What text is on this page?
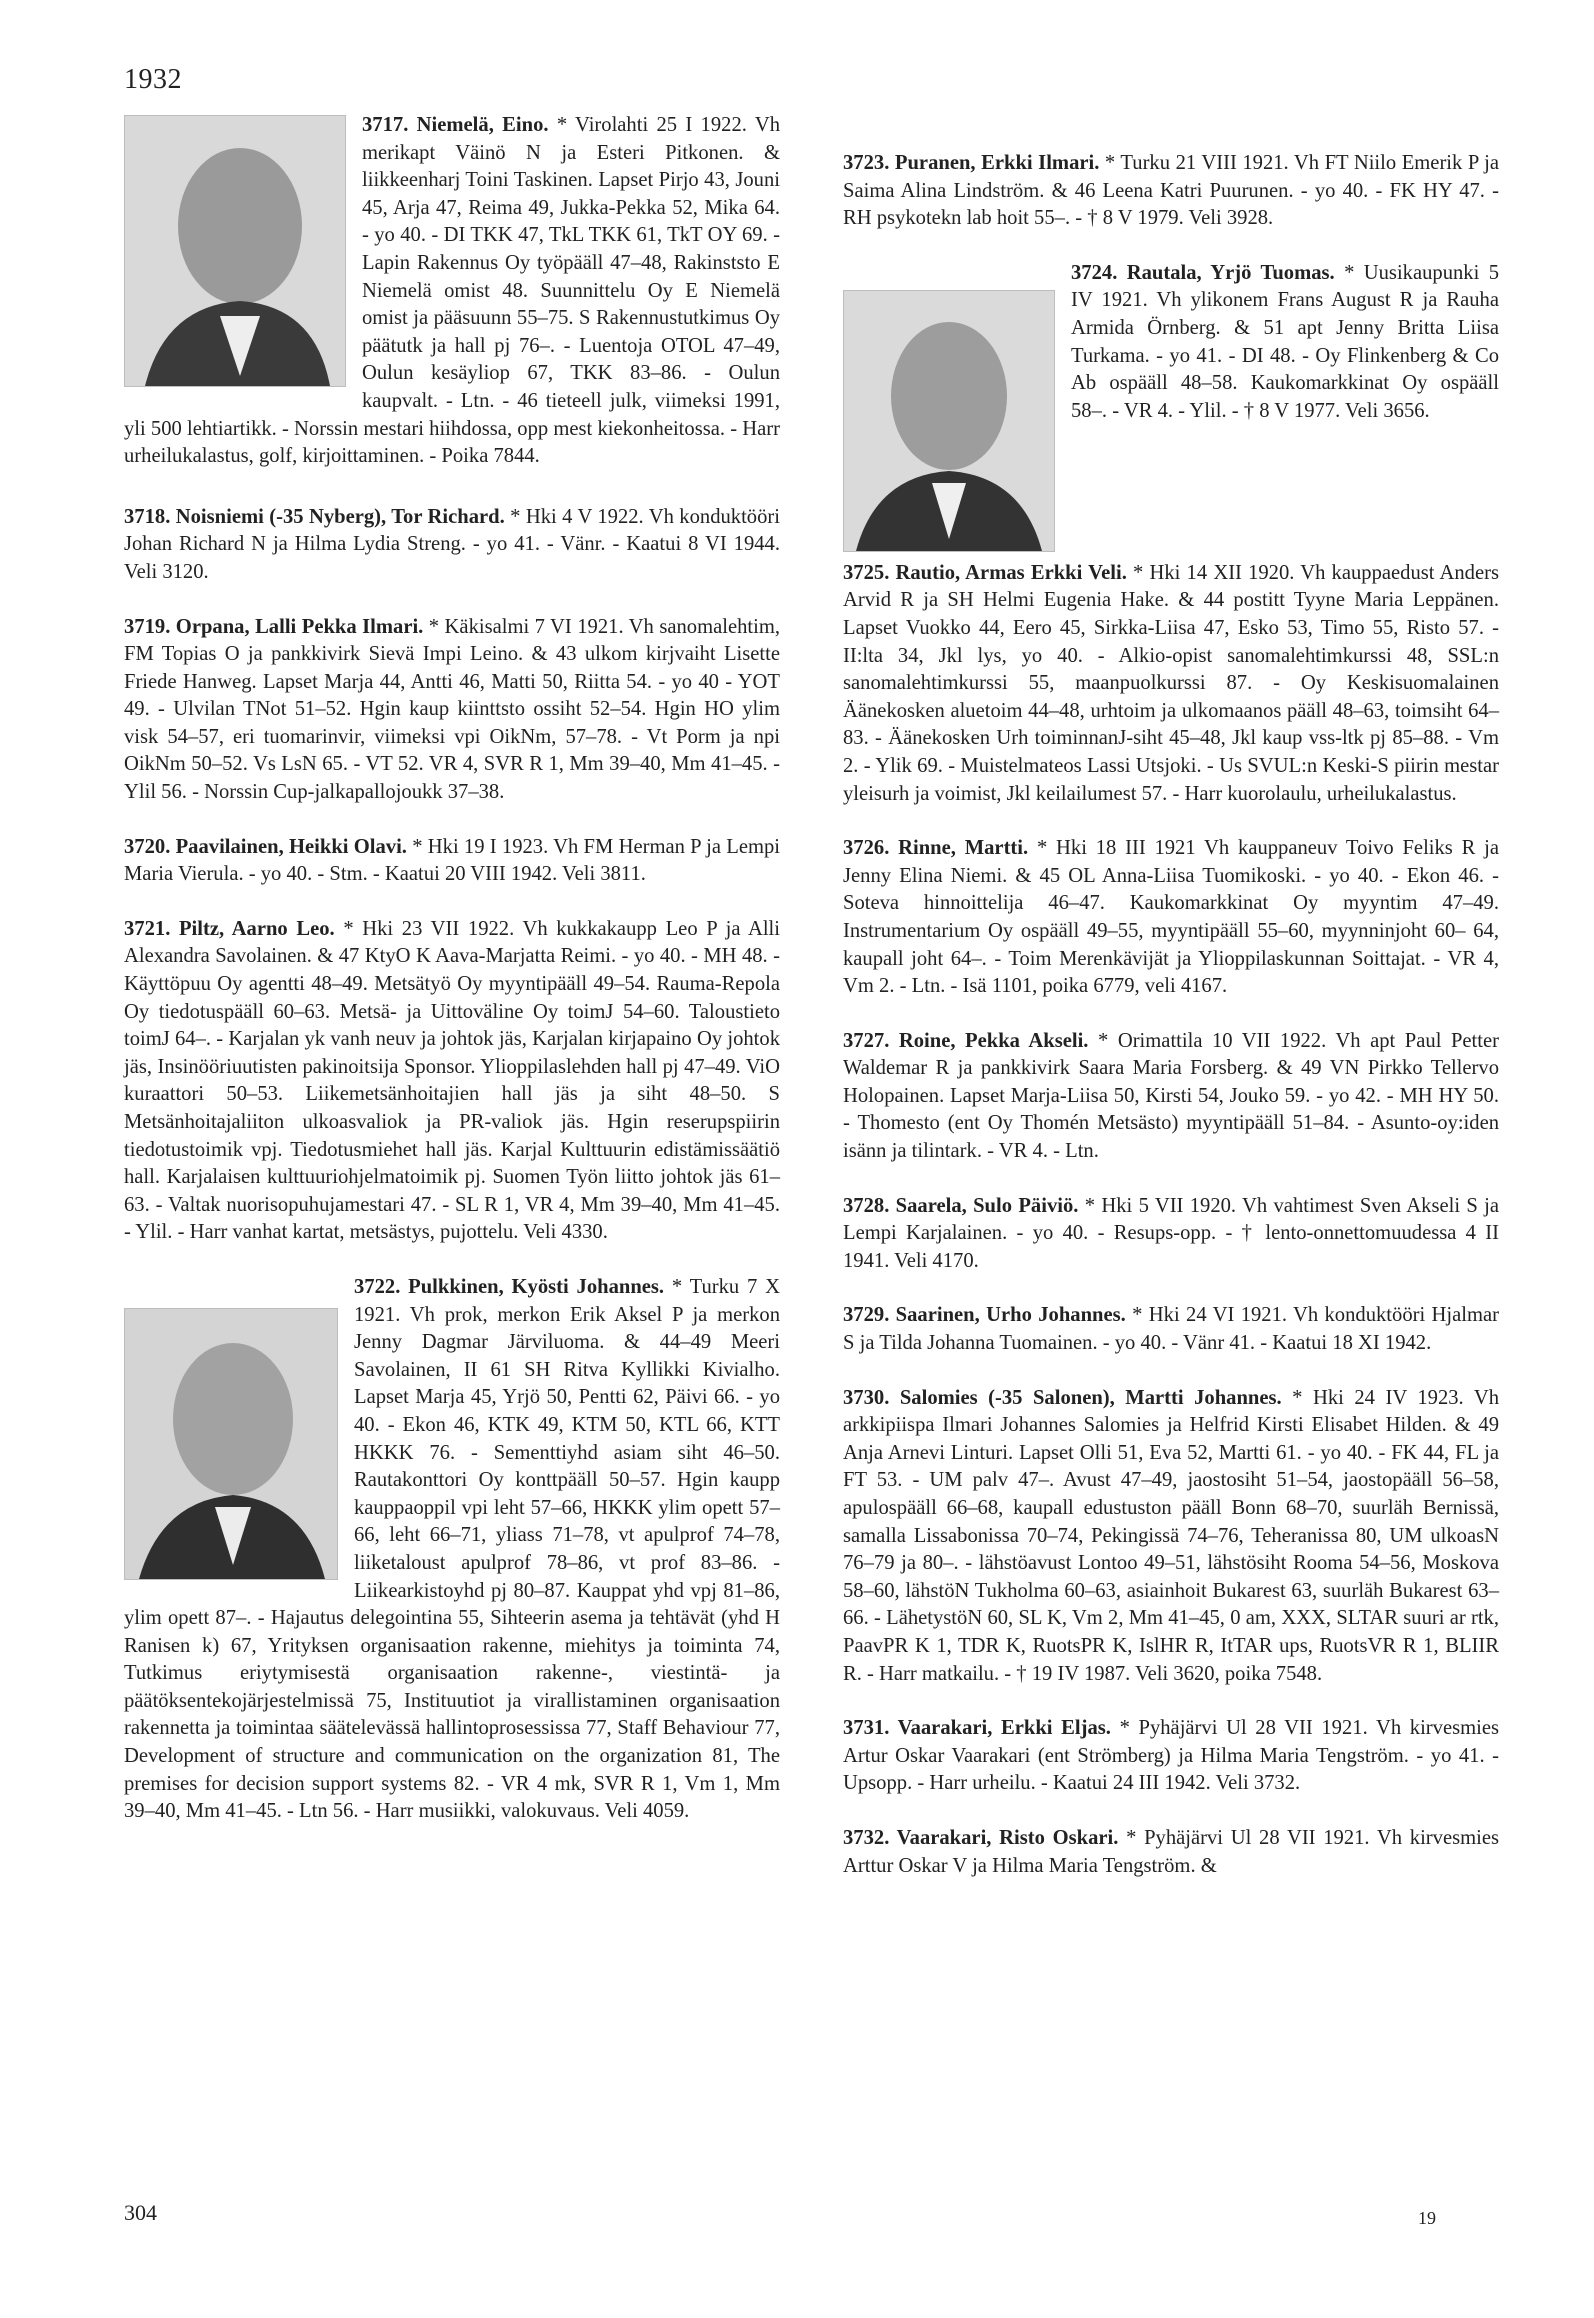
1932
3717. Niemelä, Eino. * Virolahti 25 I 1922. Vh merikapt Väinö N ja Esteri Pitkonen. & liikkeenharj Toini Taskinen. Lapset Pirjo 43, Jouni 45, Arja 47, Reima 49, Jukka-Pekka 52, Mika 64. - yo 40. - DI TKK 47, TkL TKK 61, TkT OY 69. - Lapin Rakennus Oy työpääll 47–48, Rakinststo E Niemelä omist 48. Suunnittelu Oy E Niemelä omist ja pääsuunn 55–75. S Rakennustutkimus Oy päätutk ja hall pj 76–. - Luentoja OTOL 47–49, Oulun kesäyliop 67, TKK 83–86. - Oulun kaupvalt. - Ltn. - 46 tieteell julk, viimeksi 1991, yli 500 lehtiartikk. - Norssin mestari hiihdossa, opp mest kiekonheitossa. - Harr urheilukalastus, golf, kirjoittaminen. - Poika 7844.
3718. Noisniemi (-35 Nyberg), Tor Richard. * Hki 4 V 1922. Vh konduktööri Johan Richard N ja Hilma Lydia Streng. - yo 41. - Vänr. - Kaatui 8 VI 1944. Veli 3120.
3719. Orpana, Lalli Pekka Ilmari. * Käkisalmi 7 VI 1921. Vh sanomalehtim, FM Topias O ja pankkivirk Sievä Impi Leino. & 43 ulkom kirjvaiht Lisette Friede Hanweg. Lapset Marja 44, Antti 46, Matti 50, Riitta 54. - yo 40 - YOT 49. - Ulvilan TNot 51–52. Hgin kaup kiinttsto ossiht 52–54. Hgin HO ylim visk 54–57, eri tuomarinvir, viimeksi vpi OikNm, 57–78. - Vt Porm ja npi OikNm 50–52. Vs LsN 65. - VT 52. VR 4, SVR R 1, Mm 39–40, Mm 41–45. - Ylil 56. - Norssin Cup-jalkapallojoukk 37–38.
3720. Paavilainen, Heikki Olavi. * Hki 19 I 1923. Vh FM Herman P ja Lempi Maria Vierula. - yo 40. - Stm. - Kaatui 20 VIII 1942. Veli 3811.
3721. Piltz, Aarno Leo. * Hki 23 VII 1922. Vh kukkakaupp Leo P ja Alli Alexandra Savolainen. & 47 KtyO K Aava-Marjatta Reimi. - yo 40. - MH 48. - Käyttöpuu Oy agentti 48–49. Metsätyö Oy myyntipääll 49–54. Rauma-Repola Oy tiedotuspääll 60–63. Metsä- ja Uittoväline Oy toimJ 54–60. Taloustieto toimJ 64–. - Karjalan yk vanh neuv ja johtok jäs, Karjalan kirjapaino Oy johtok jäs, Insinööriuutisten pakinoitsija Sponsor. Ylioppilaslehden hall pj 47–49. ViO kuraattori 50–53. Liikemetsänhoitajien hall jäs ja siht 48–50. S Metsänhoitajaliiton ulkoasvaliok ja PR-valiok jäs. Hgin reserupspiirin tiedotustoimik vpj. Tiedotusmiehet hall jäs. Karjal Kulttuurin edistämissäätiö hall. Karjalaisen kulttuuriohjelmatoimik pj. Suomen Työn liitto johtok jäs 61–63. - Valtak nuorisopuhujamestari 47. - SL R 1, VR 4, Mm 39–40, Mm 41–45. - Ylil. - Harr vanhat kartat, metsästys, pujottelu. Veli 4330.
3722. Pulkkinen, Kyösti Johannes. * Turku 7 X 1921. Vh prok, merkon Erik Aksel P ja merkon Jenny Dagmar Järviluoma. & 44–49 Meeri Savolainen, II 61 SH Ritva Kyllikki Kivialho. Lapset Marja 45, Yrjö 50, Pentti 62, Päivi 66. - yo 40. - Ekon 46, KTK 49, KTM 50, KTL 66, KTT HKKK 76. - Sementtiyhd asiam siht 46–50. Rautakonttori Oy konttpääll 50–57. Hgin kaupp kauppaoppil vpi leht 57–66, HKKK ylim opett 57–66, leht 66–71, yliass 71–78, vt apulprof 74–78, liiketaloust apulprof 78–86, vt prof 83–86. - Liikearkistoyhd pj 80–87. Kauppat yhd vpj 81–86, ylim opett 87–. - Hajautus delegointina 55, Sihteerin asema ja tehtävät (yhd H Ranisen k) 67, Yrityksen organisaation rakenne, miehitys ja toiminta 74, Tutkimus eriytymisestä organisaation rakenne-, viestintä- ja päätöksentekojärjestelmissä 75, Instituutiot ja virallistaminen organisaation rakennetta ja toimintaa säätelevässä hallintoprosessissa 77, Staff Behaviour 77, Development of structure and communication on the organization 81, The premises for decision support systems 82. - VR 4 mk, SVR R 1, Vm 1, Mm 39–40, Mm 41–45. - Ltn 56. - Harr musiikki, valokuvaus. Veli 4059.
3723. Puranen, Erkki Ilmari. * Turku 21 VIII 1921. Vh FT Niilo Emerik P ja Saima Alina Lindström. & 46 Leena Katri Puurunen. - yo 40. - FK HY 47. - RH psykotekn lab hoit 55–. - † 8 V 1979. Veli 3928.
3724. Rautala, Yrjö Tuomas. * Uusikaupunki 5 IV 1921. Vh ylikonem Frans August R ja Rauha Armida Örnberg. & 51 apt Jenny Britta Liisa Turkama. - yo 41. - DI 48. - Oy Flinkenberg & Co Ab ospääll 48–58. Kaukomarkkinat Oy ospääll 58–. - VR 4. - Ylil. - † 8 V 1977. Veli 3656.
3725. Rautio, Armas Erkki Veli. * Hki 14 XII 1920. Vh kauppaedust Anders Arvid R ja SH Helmi Eugenia Hake. & 44 postitt Tyyne Maria Leppänen. Lapset Vuokko 44, Eero 45, Sirkka-Liisa 47, Esko 53, Timo 55, Risto 57. - II:lta 34, Jkl lys, yo 40. - Alkio-opist sanomalehtimkurssi 48, SSL:n sanomalehtimkurssi 55, maanpuolkurssi 87. - Oy Keskisuomalainen Äänekosken aluetoim 44–48, urhtoim ja ulkomaanos pääll 48–63, toimsiht 64–83. - Äänekosken Urh toiminnanJ-siht 45–48, Jkl kaup vss-ltk pj 85–88. - Vm 2. - Ylik 69. - Muistelmateos Lassi Utsjoki. - Us SVUL:n Keski-S piirin mestar yleisurh ja voimist, Jkl keilailumest 57. - Harr kuorolaulu, urheilukalastus.
3726. Rinne, Martti. * Hki 18 III 1921 Vh kauppaneuv Toivo Feliks R ja Jenny Elina Niemi. & 45 OL Anna-Liisa Tuomikoski. - yo 40. - Ekon 46. - Soteva hinnoittelija 46–47. Kaukomarkkinat Oy myyntim 47–49. Instrumentarium Oy ospääll 49–55, myyntipääll 55–60, myynninjoht 60– 64, kaupall joht 64–. - Toim Merenkävijät ja Ylioppilaskunnan Soittajat. - VR 4, Vm 2. - Ltn. - Isä 1101, poika 6779, veli 4167.
3727. Roine, Pekka Akseli. * Orimattila 10 VII 1922. Vh apt Paul Petter Waldemar R ja pankkivirk Saara Maria Forsberg. & 49 VN Pirkko Tellervo Holopainen. Lapset Marja-Liisa 50, Kirsti 54, Jouko 59. - yo 42. - MH HY 50. - Thomesto (ent Oy Thomén Metsästo) myyntipääll 51–84. - Asunto-oy:iden isänn ja tilintark. - VR 4. - Ltn.
3728. Saarela, Sulo Päiviö. * Hki 5 VII 1920. Vh vahtimest Sven Akseli S ja Lempi Karjalainen. - yo 40. - Resups-opp. - † lento-onnettomuudessa 4 II 1941. Veli 4170.
3729. Saarinen, Urho Johannes. * Hki 24 VI 1921. Vh konduktööri Hjalmar S ja Tilda Johanna Tuomainen. - yo 40. - Vänr 41. - Kaatui 18 XI 1942.
3730. Salomies (-35 Salonen), Martti Johannes. * Hki 24 IV 1923. Vh arkkipiispa Ilmari Johannes Salomies ja Helfrid Kirsti Elisabet Hilden. & 49 Anja Arnevi Linturi. Lapset Olli 51, Eva 52, Martti 61. - yo 40. - FK 44, FL ja FT 53. - UM palv 47–. Avust 47–49, jaostosiht 51–54, jaostopääll 56–58, apulospääll 66–68, kaupall edustuston pääll Bonn 68–70, suurläh Bernissä, samalla Lissabonissa 70–74, Pekingissä 74–76, Teheranissa 80, UM ulkoasN 76–79 ja 80–. - lähstöavust Lontoo 49–51, lähstösiht Rooma 54–56, Moskova 58–60, lähstöN Tukholma 60–63, asiainhoit Bukarest 63, suurläh Bukarest 63–66. - LähetystöN 60, SL K, Vm 2, Mm 41–45, 0 am, XXX, SLTAR suuri ar rtk, PaavPR K 1, TDR K, RuotsPR K, IslHR R, ItTAR ups, RuotsVR R 1, BLIIR R. - Harr matkailu. - † 19 IV 1987. Veli 3620, poika 7548.
3731. Vaarakari, Erkki Eljas. * Pyhäjärvi Ul 28 VII 1921. Vh kirvesmies Artur Oskar Vaarakari (ent Strömberg) ja Hilma Maria Tengström. - yo 41. - Upsopp. - Harr urheilu. - Kaatui 24 III 1942. Veli 3732.
3732. Vaarakari, Risto Oskari. * Pyhäjärvi Ul 28 VII 1921. Vh kirvesmies Arttur Oskar V ja Hilma Maria Tengström. &
304	19
